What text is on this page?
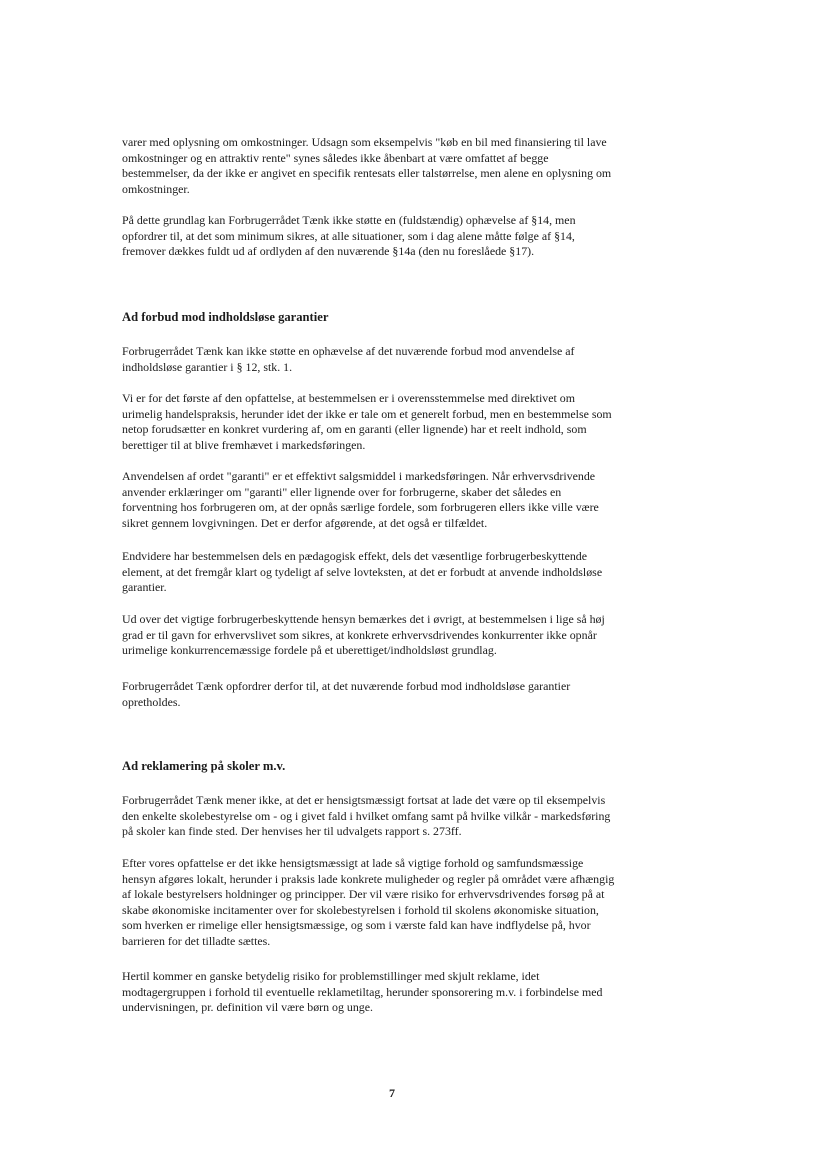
varer med oplysning om omkostninger. Udsagn som eksempelvis "køb en bil med finansiering til lave
omkostninger og en attraktiv rente" synes således ikke åbenbart at være omfattet af begge
bestemmelser, da der ikke er angivet en specifik rentesats eller talstørrelse, men alene en oplysning om
omkostninger.

På dette grundlag kan Forbrugerrådet Tænk ikke støtte en (fuldstændig) ophævelse af §14, men
opfordrer til, at det som minimum sikres, at alle situationer, som i dag alene måtte følge af §14,
fremover dækkes fuldt ud af ordlyden af den nuværende §14a (den nu foreslåede §17).

Ad forbud mod indholdsløse garantier

Forbrugerrådet Tænk kan ikke støtte en ophævelse af det nuværende forbud mod anvendelse af
indholdsløse garantier i § 12, stk. 1.

Vi er for det første af den opfattelse, at bestemmelsen er i overensstemmelse med direktivet om
urimelig handelspraksis, herunder idet der ikke er tale om et generelt forbud, men en bestemmelse som
netop forudsætter en konkret vurdering af, om en garanti (eller lignende) har et reelt indhold, som
berettiger til at blive fremhævet i markedsføringen.

Anvendelsen af ordet "garanti" er et effektivt salgsmiddel i markedsføringen. Når erhvervsdrivende
anvender erklæringer om "garanti" eller lignende over for forbrugerne, skaber det således en
forventning hos forbrugeren om, at der opnås særlige fordele, som forbrugeren ellers ikke ville være
sikret gennem lovgivningen. Det er derfor afgørende, at det også er tilfældet.

Endvidere har bestemmelsen dels en pædagogisk effekt, dels det væsentlige forbrugerbeskyttende
element, at det fremgår klart og tydeligt af selve lovteksten, at det er forbudt at anvende indholdsløse
garantier.

Ud over det vigtige forbrugerbeskyttende hensyn bemærkes det i øvrigt, at bestemmelsen i lige så høj
grad er til gavn for erhvervslivet som sikres, at konkrete erhvervsdrivendes konkurrenter ikke opnår
urimelige konkurrencemæssige fordele på et uberettiget/indholdsløst grundlag.

Forbrugerrådet Tænk opfordrer derfor til, at det nuværende forbud mod indholdsløse garantier
opretholdes.

Ad reklamering på skoler m.v.

Forbrugerrådet Tænk mener ikke, at det er hensigtsmæssigt fortsat at lade det være op til eksempelvis
den enkelte skolebestyrelse om - og i givet fald i hvilket omfang samt på hvilke vilkår - markedsføring
på skoler kan finde sted. Der henvises her til udvalgets rapport s. 273ff.

Efter vores opfattelse er det ikke hensigtsmæssigt at lade så vigtige forhold og samfundsmæssige
hensyn afgøres lokalt, herunder i praksis lade konkrete muligheder og regler på området være afhængig
af lokale bestyrelsers holdninger og principper. Der vil være risiko for erhvervsdrivendes forsøg på at
skabe økonomiske incitamenter over for skolebestyrelsen i forhold til skolens økonomiske situation,
som hverken er rimelige eller hensigtsmæssige, og som i værste fald kan have indflydelse på, hvor
barrieren for det tilladte sættes.

Hertil kommer en ganske betydelig risiko for problemstillinger med skjult reklame, idet
modtagergruppen i forhold til eventuelle reklametiltag, herunder sponsorering m.v. i forbindelse med
undervisningen, pr. definition vil være børn og unge.

7
